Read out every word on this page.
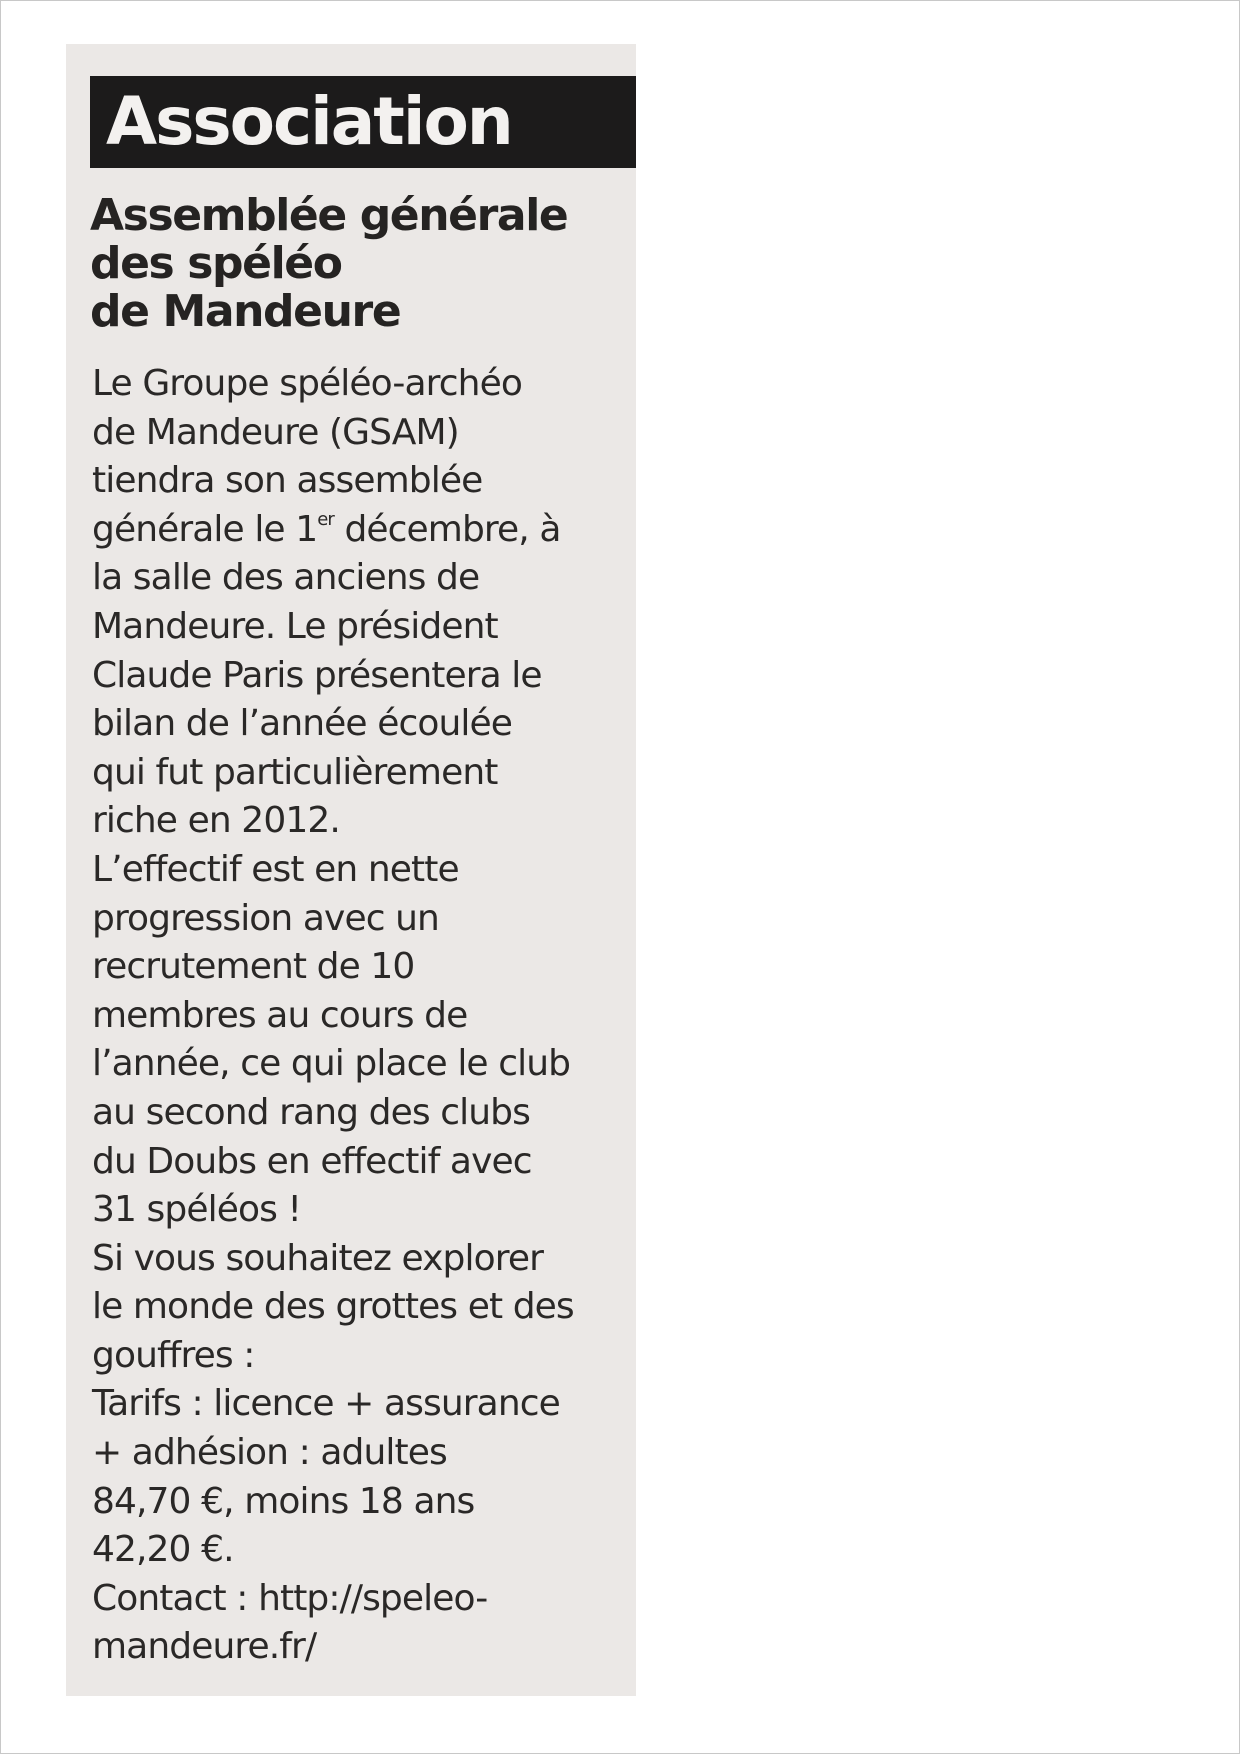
Association
Assemblée générale
des spéléo
de Mandeure
Le Groupe spéléo-archéo
de Mandeure (GSAM)
tiendra son assemblée
générale le 1er décembre, à
la salle des anciens de
Mandeure. Le président
Claude Paris présentera le
bilan de l’année écoulée
qui fut particulièrement
riche en 2012.
L’effectif est en nette
progression avec un
recrutement de 10
membres au cours de
l’année, ce qui place le club
au second rang des clubs
du Doubs en effectif avec
31 spéléos !
Si vous souhaitez explorer
le monde des grottes et des
gouffres :
Tarifs : licence + assurance
+ adhésion : adultes
84,70 €, moins 18 ans
42,20 €.
Contact : http://speleo-
mandeure.fr/
